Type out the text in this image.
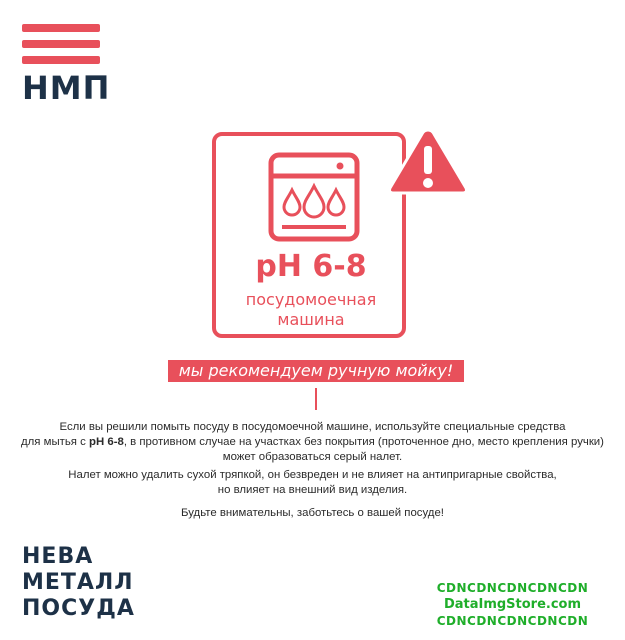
НМП
pH 6-8
посудомоечная
машина
мы рекомендуем ручную мойку!
Если вы решили помыть посуду в посудомоечной машине, используйте специальные средства
для мытья с pH 6-8, в противном случае на участках без покрытия (проточенное дно, место крепления ручки)
может образоваться серый налет.
Налет можно удалить сухой тряпкой, он безвреден и не влияет на антипригарные свойства,
но влияет на внешний вид изделия.
Будьте внимательны, заботьтесь о вашей посуде!
НЕВА
МЕТАЛЛ
ПОСУДА
CDNCDNCDNCDNCDN
DataImgStore.com
CDNCDNCDNCDNCDN
